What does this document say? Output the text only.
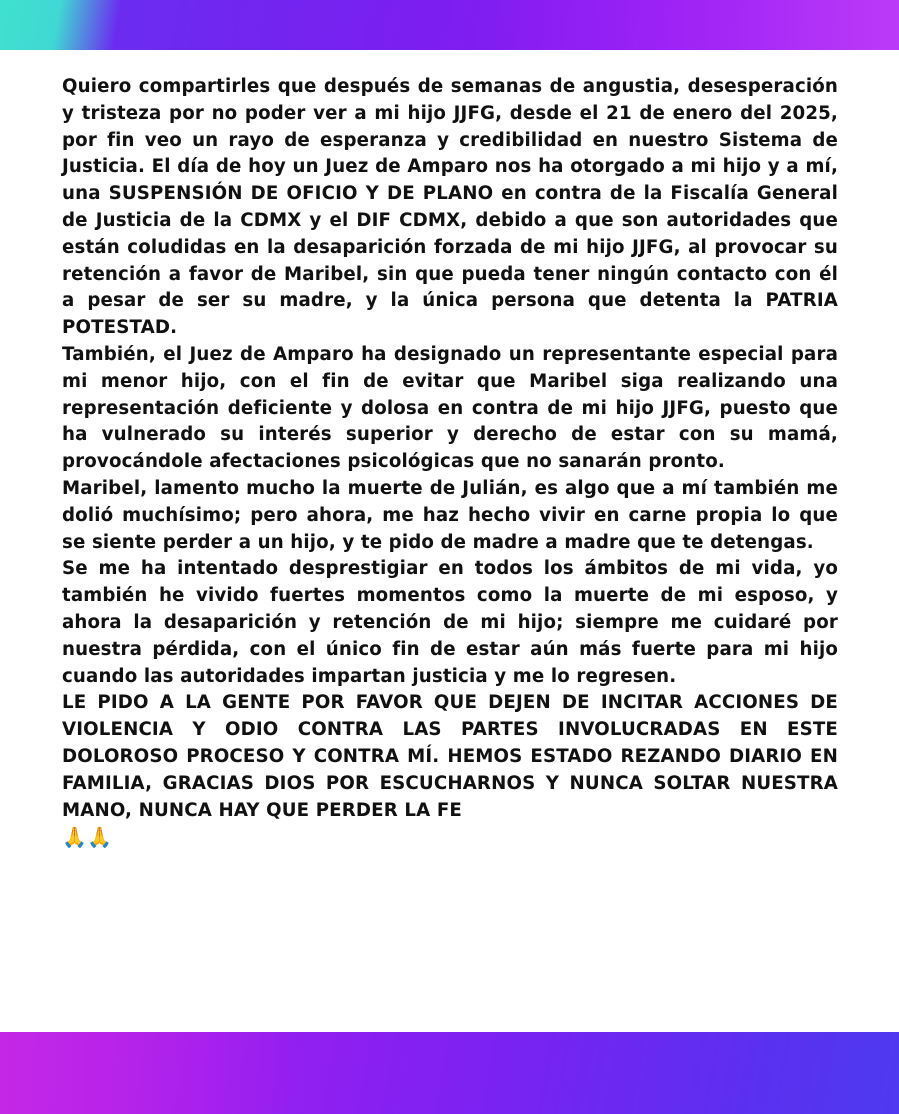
Quiero compartirles que después de semanas de angustia, desesperación y tristeza por no poder ver a mi hijo JJFG, desde el 21 de enero del 2025, por fin veo un rayo de esperanza y credibilidad en nuestro Sistema de Justicia. El día de hoy un Juez de Amparo nos ha otorgado a mi hijo y a mí, una SUSPENSIÓN DE OFICIO Y DE PLANO en contra de la Fiscalía General de Justicia de la CDMX y el DIF CDMX, debido a que son autoridades que están coludidas en la desaparición forzada de mi hijo JJFG, al provocar su retención a favor de Maribel, sin que pueda tener ningún contacto con él a pesar de ser su madre, y la única persona que detenta la PATRIA POTESTAD.

También, el Juez de Amparo ha designado un representante especial para mi menor hijo, con el fin de evitar que Maribel siga realizando una representación deficiente y dolosa en contra de mi hijo JJFG, puesto que ha vulnerado su interés superior y derecho de estar con su mamá, provocándole afectaciones psicológicas que no sanarán pronto.

Maribel, lamento mucho la muerte de Julián, es algo que a mí también me dolió muchísimo; pero ahora, me haz hecho vivir en carne propia lo que se siente perder a un hijo, y te pido de madre a madre que te detengas.

Se me ha intentado desprestigiar en todos los ámbitos de mi vida, yo también he vivido fuertes momentos como la muerte de mi esposo, y ahora la desaparición y retención de mi hijo; siempre me cuidaré por nuestra pérdida, con el único fin de estar aún más fuerte para mi hijo cuando las autoridades impartan justicia y me lo regresen.

LE PIDO A LA GENTE POR FAVOR QUE DEJEN DE INCITAR ACCIONES DE VIOLENCIA Y ODIO CONTRA LAS PARTES INVOLUCRADAS EN ESTE DOLOROSO PROCESO Y CONTRA MÍ. HEMOS ESTADO REZANDO DIARIO EN FAMILIA, GRACIAS DIOS POR ESCUCHARNOS Y NUNCA SOLTAR NUESTRA MANO, NUNCA HAY QUE PERDER LA FE

🙏🙏
